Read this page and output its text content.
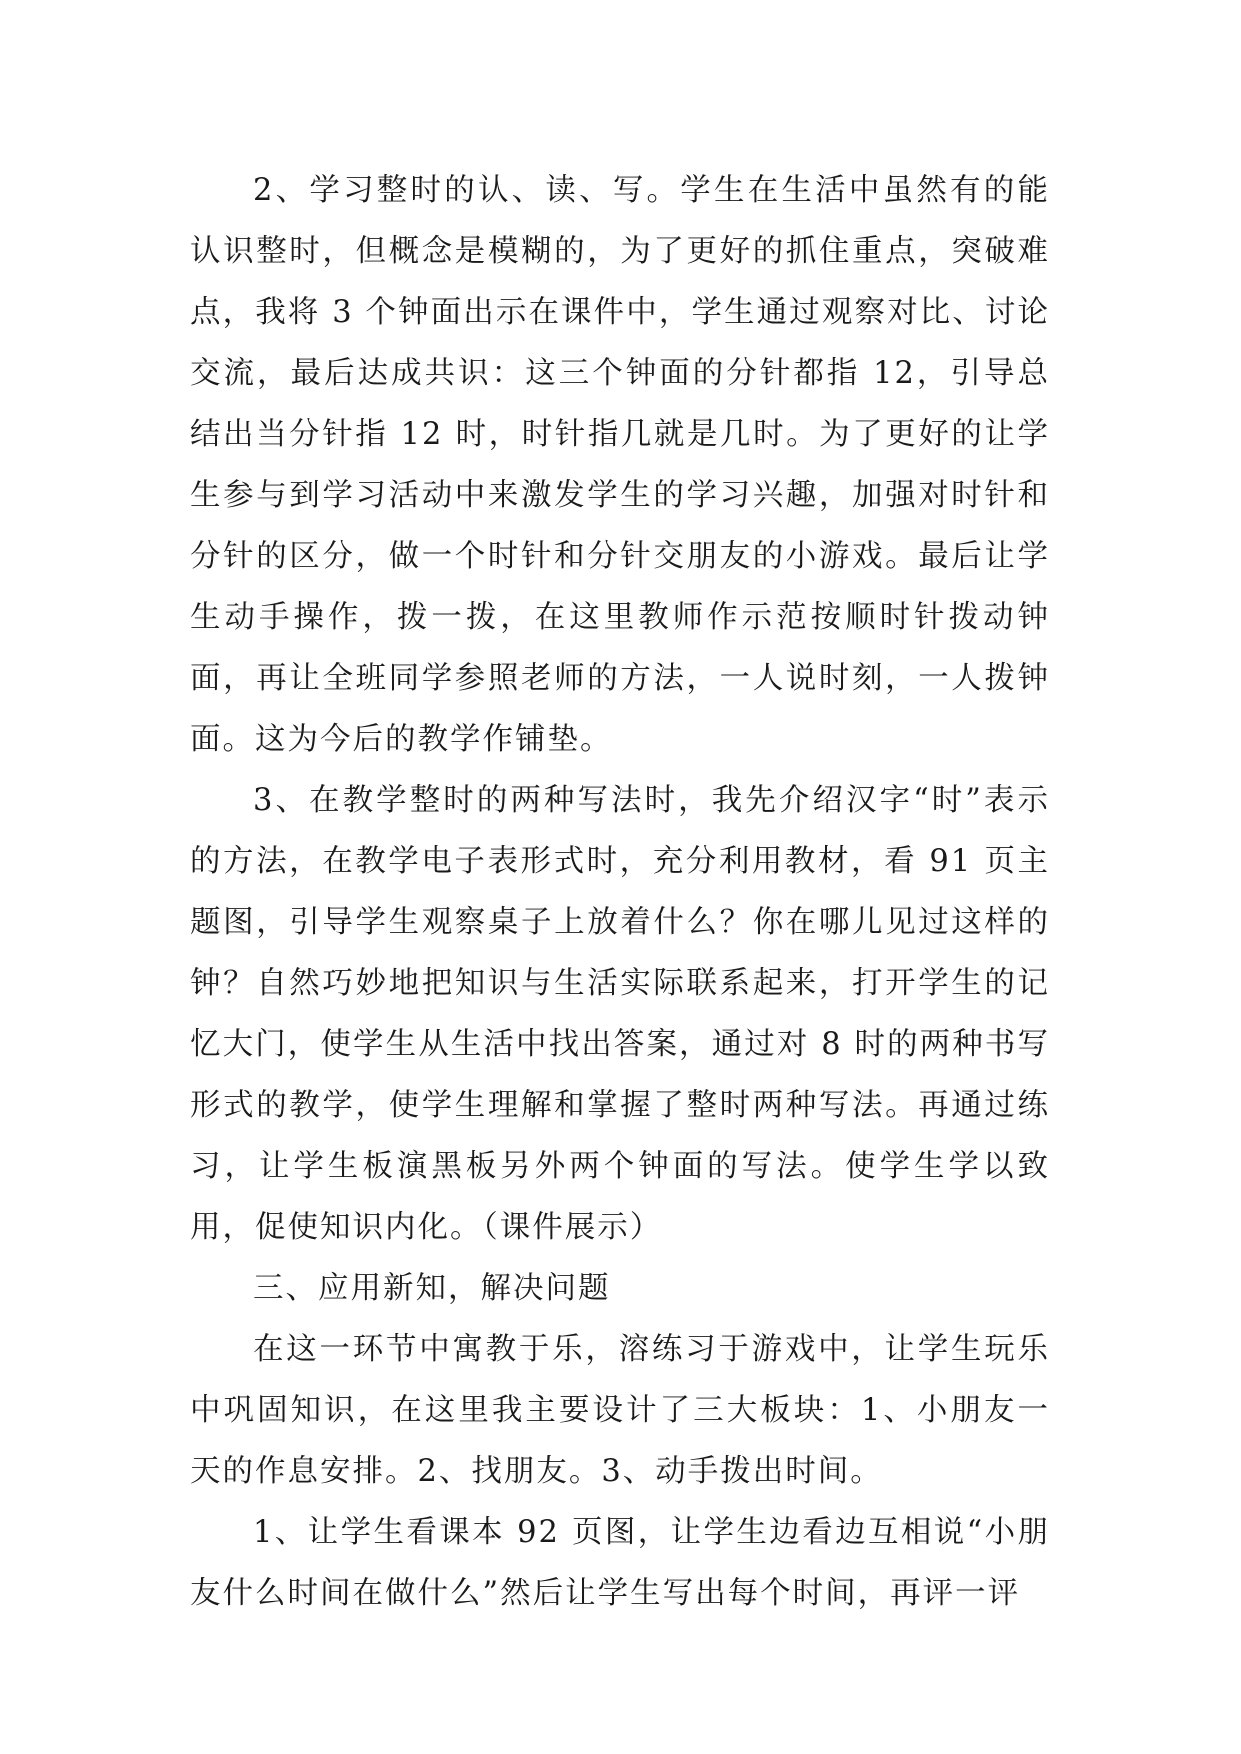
2、学习整时的认、读、写。学生在生活中虽然有的能认识整时，但概念是模糊的，为了更好的抓住重点，突破难点，我将 3 个钟面出示在课件中，学生通过观察对比、讨论交流，最后达成共识：这三个钟面的分针都指 12，引导总结出当分针指 12 时，时针指几就是几时。为了更好的让学生参与到学习活动中来激发学生的学习兴趣，加强对时针和分针的区分，做一个时针和分针交朋友的小游戏。最后让学生动手操作，拨一拨，在这里教师作示范按顺时针拨动钟面，再让全班同学参照老师的方法，一人说时刻，一人拨钟面。这为今后的教学作铺垫。

3、在教学整时的两种写法时，我先介绍汉字“时”表示的方法，在教学电子表形式时，充分利用教材，看 91 页主题图，引导学生观察桌子上放着什么？你在哪儿见过这样的钟？自然巧妙地把知识与生活实际联系起来，打开学生的记忆大门，使学生从生活中找出答案，通过对 8 时的两种书写形式的教学，使学生理解和掌握了整时两种写法。再通过练习，让学生板演黑板另外两个钟面的写法。使学生学以致用，促使知识内化。（课件展示）

三、应用新知，解决问题

在这一环节中寓教于乐，溶练习于游戏中，让学生玩乐中巩固知识，在这里我主要设计了三大板块：1、小朋友一天的作息安排。2、找朋友。3、动手拨出时间。

1、让学生看课本 92 页图，让学生边看边互相说“小朋友什么时间在做什么”然后让学生写出每个时间，再评一评
